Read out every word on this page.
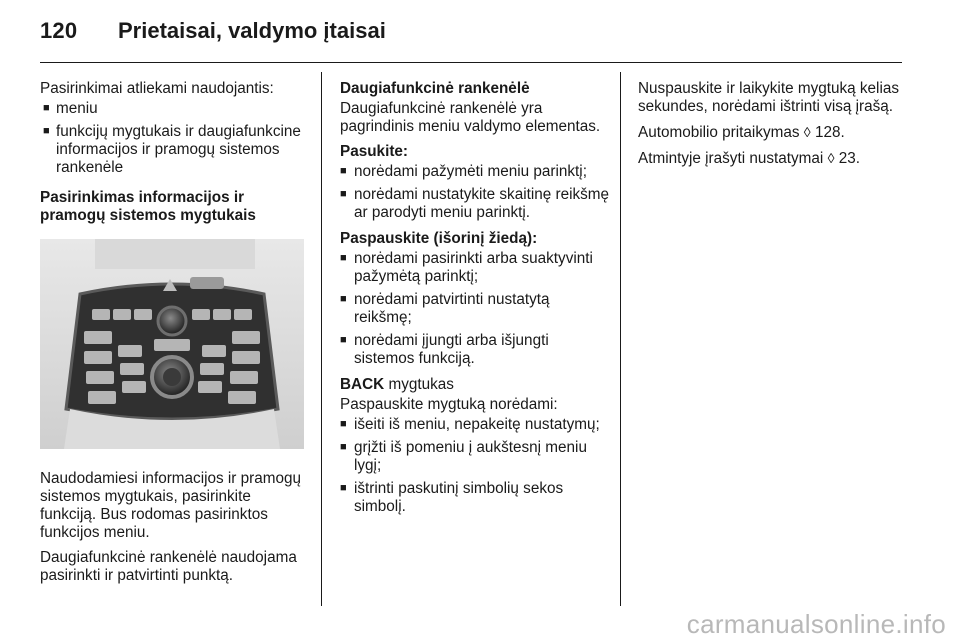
120 Prietaisai, valdymo įtaisai

Pasirinkimai atliekami naudojantis:

■ meniu
■ funkcijų mygtukais ir daugiafunkcine informacijos ir pramogų sistemos rankenėle

Pasirinkimas informacijos ir pramogų sistemos mygtukais

Naudodamiesi informacijos ir pramogų sistemos mygtukais, pasirinkite funkciją. Bus rodomas pasirinktos funkcijos meniu.

Daugiafunkcinė rankenėlė naudojama pasirinkti ir patvirtinti punktą.

Daugiafunkcinė rankenėlė

Daugiafunkcinė rankenėlė yra pagrindinis meniu valdymo elementas.

Pasukite:

■ norėdami pažymėti meniu parinktį;
■ norėdami nustatykite skaitinę reikšmę ar parodyti meniu parinktį.

Paspauskite (išorinį žiedą):

■ norėdami pasirinkti arba suaktyvinti pažymėtą parinktį;
■ norėdami patvirtinti nustatytą reikšmę;
■ norėdami įjungti arba išjungti sistemos funkciją.

BACK mygtukas

Paspauskite mygtuką norėdami:

■ išeiti iš meniu, nepakeitę nustatymų;
■ grįžti iš pomeniu į aukštesnį meniu lygį;
■ ištrinti paskutinį simbolių sekos simbolį.

Nuspauskite ir laikykite mygtuką kelias sekundes, norėdami ištrinti visą įrašą.

Automobilio pritaikymas ◊ 128.

Atmintyje įrašyti nustatymai ◊ 23.

carmanualsonline.info
